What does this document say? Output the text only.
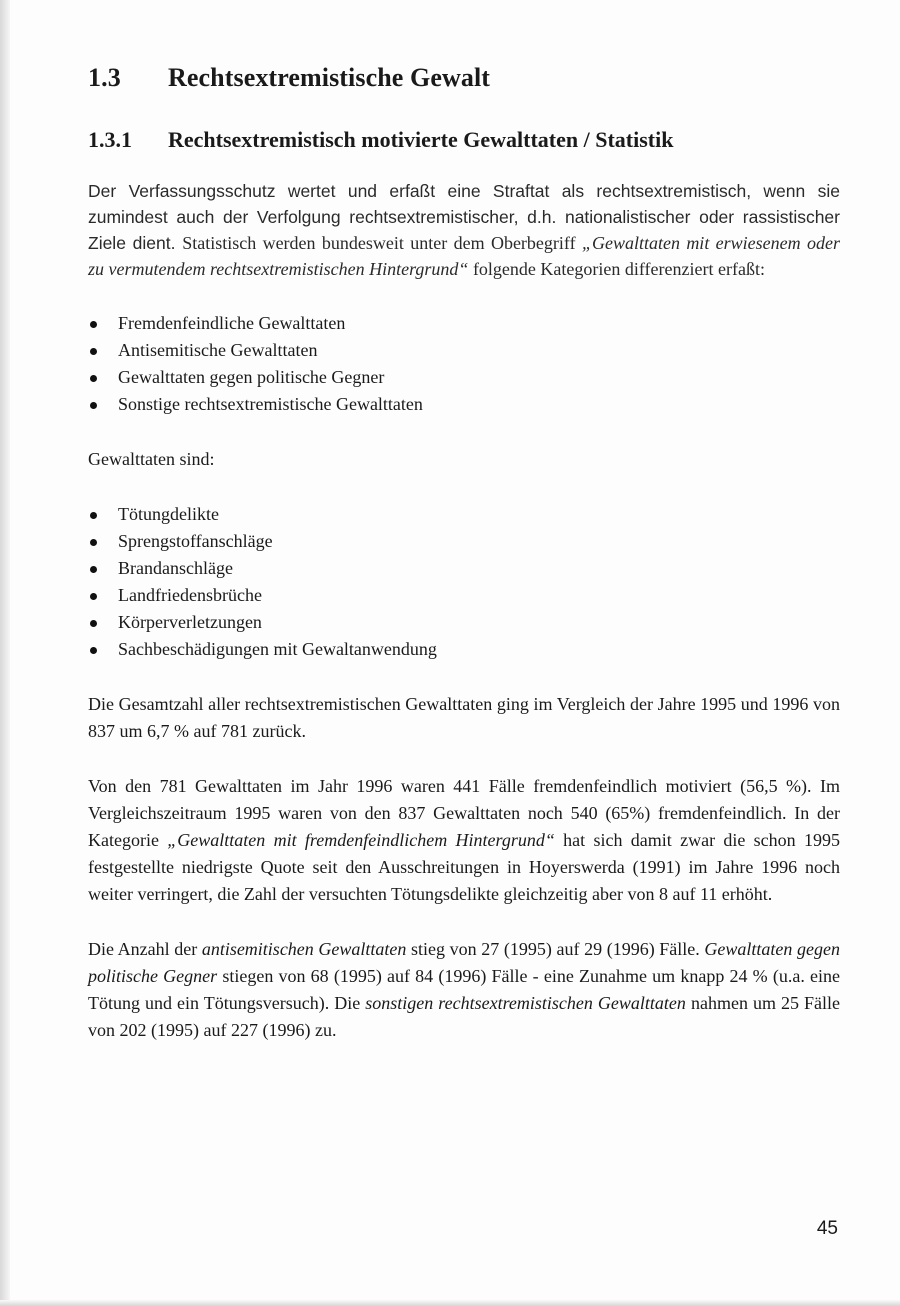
1.3 Rechtsextremistische Gewalt
1.3.1 Rechtsextremistisch motivierte Gewalttaten / Statistik

Der Verfassungsschutz wertet und erfaßt eine Straftat als rechtsextremistisch, wenn sie zumindest auch der Verfolgung rechtsextremistischer, d.h. nationalistischer oder rassistischer Ziele dient. Statistisch werden bundesweit unter dem Oberbegriff „Gewalttaten mit erwiesenem oder zu vermutendem rechtsextremistischen Hintergrund“ folgende Kategorien differenziert erfaßt:

Fremdenfeindliche Gewalttaten
Antisemitische Gewalttaten
Gewalttaten gegen politische Gegner
Sonstige rechtsextremistische Gewalttaten
Gewalttaten sind:
Tötungdelikte
Sprengstoffanschläge
Brandanschläge
Landfriedensbrüche
Körperverletzungen
Sachbeschädigungen mit Gewaltanwendung

Die Gesamtzahl aller rechtsextremistischen Gewalttaten ging im Vergleich der Jahre 1995 und 1996 von 837 um 6,7 % auf 781 zurück.

Von den 781 Gewalttaten im Jahr 1996 waren 441 Fälle fremdenfeindlich motiviert (56,5 %). Im Vergleichszeitraum 1995 waren von den 837 Gewalttaten noch 540 (65%) fremdenfeindlich. In der Kategorie „Gewalttaten mit fremdenfeindlichem Hintergrund“ hat sich damit zwar die schon 1995 festgestellte niedrigste Quote seit den Ausschreitungen in Hoyerswerda (1991) im Jahre 1996 noch weiter verringert, die Zahl der versuchten Tötungsdelikte gleichzeitig aber von 8 auf 11 erhöht.

Die Anzahl der antisemitischen Gewalttaten stieg von 27 (1995) auf 29 (1996) Fälle. Gewalttaten gegen politische Gegner stiegen von 68 (1995) auf 84 (1996) Fälle - eine Zunahme um knapp 24 % (u.a. eine Tötung und ein Tötungsversuch). Die sonstigen rechtsextremistischen Gewalttaten nahmen um 25 Fälle von 202 (1995) auf 227 (1996) zu.

45
